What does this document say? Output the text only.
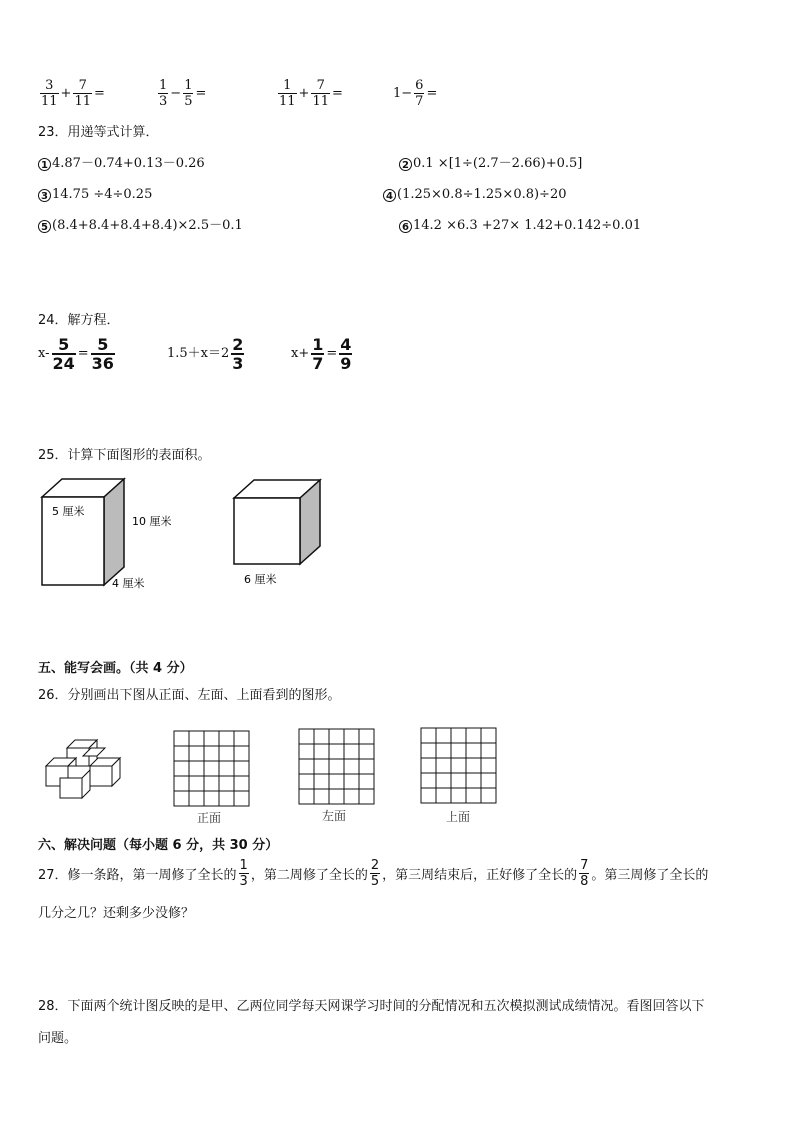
$\frac{3}{11} + \frac{7}{11}$ =	$\frac{1}{3} - \frac{1}{5}$ =	$\frac{1}{11} + \frac{7}{11}$ =	$1- \frac{6}{7}$ =
23．用递等式计算．
1 4.87－0.74+0.13－0.26	2 0.1 ×[1÷(2.7－2.66)+0.5]
3 14.75 ÷4÷0.25	4 (1.25×0.8÷1.25×0.8)÷20
5 (8.4+8.4+8.4+8.4)×2.5－0.1	6 14.2 ×6.3 +27× 1.42+0.142÷0.01
24．解方程．
$x- \frac{5}{24} = \frac{5}{36}$	$1.5+x=2 \frac{2}{3}$	$x+ \frac{1}{7} = \frac{4}{9}$
25．计算下面图形的表面积。
5 厘米
10 厘米
4 厘米	6 厘米
五、能写会画。（共 4 分）
26．分别画出下图从正面、左面、上面看到的图形。
正面	左面	上面
六、解决问题（每小题 6 分，共 30 分）
27．修一条路，第一周修了全长的 $\frac{1}{3}$ ，第二周修了全长的 $\frac{2}{5}$ ，第三周结束后，正好修了全长的 $\frac{7}{8}$ 。第三周修了全长的
几分之几？还剩多少没修？
28．下面两个统计图反映的是甲、乙两位同学每天网课学习时间的分配情况和五次模拟测试成绩情况。看图回答以下
问题。
